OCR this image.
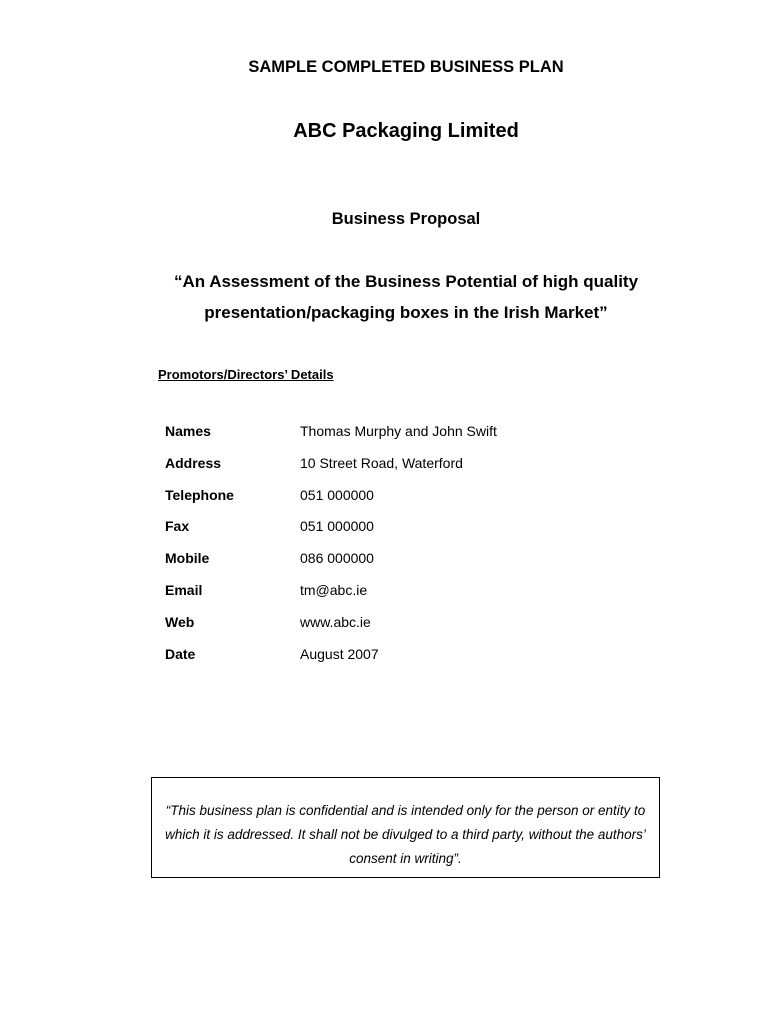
SAMPLE COMPLETED BUSINESS PLAN
ABC Packaging Limited
Business Proposal
“An Assessment of the Business Potential of high quality
presentation/packaging boxes in the Irish Market”
Promotors/Directors’ Details
Names	Thomas Murphy and John Swift
Address	10 Street Road, Waterford
Telephone	051 000000
Fax	051 000000
Mobile	086 000000
Email	tm@abc.ie
Web	www.abc.ie
Date	August 2007

“This business plan is confidential and is intended only for the person or entity to which it is addressed. It shall not be divulged to a third party, without the authors’ consent in writing”.
